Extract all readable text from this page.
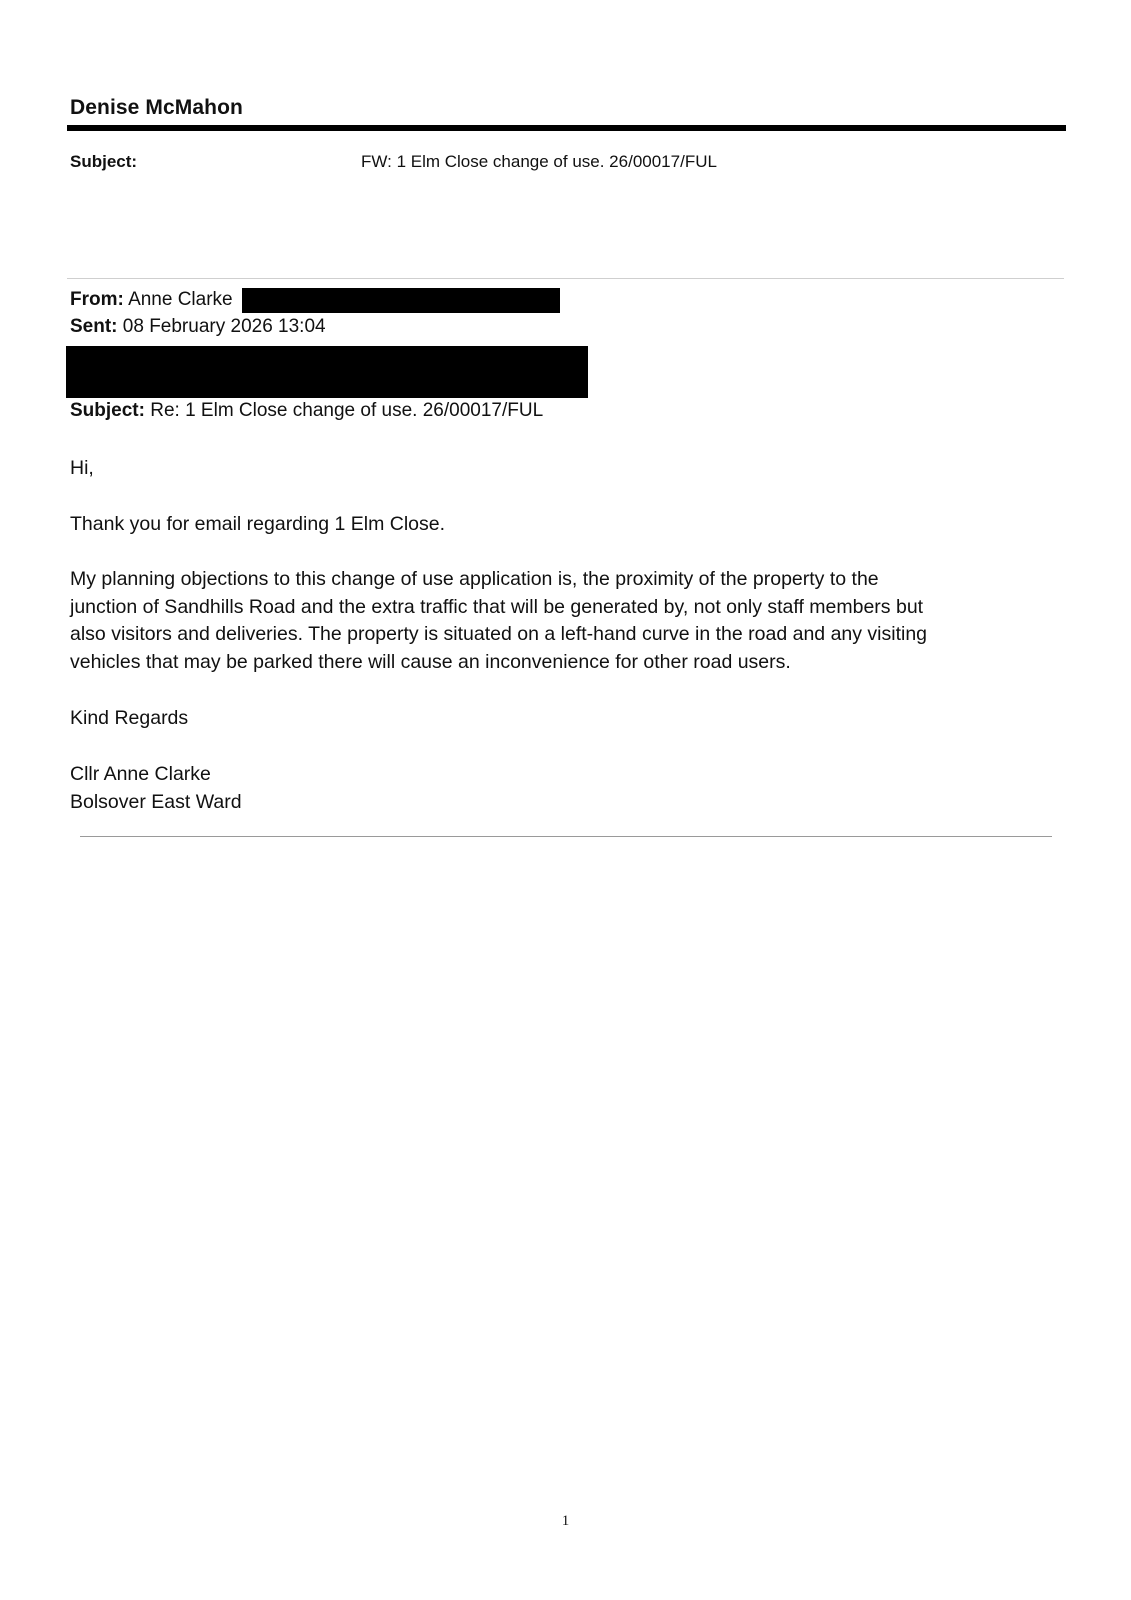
Denise McMahon
Subject:	FW: 1 Elm Close change of use. 26/00017/FUL
From: Anne Clarke
Sent: 08 February 2026 13:04
Subject: Re: 1 Elm Close change of use. 26/00017/FUL
Hi,
Thank you for email regarding 1 Elm Close.
My planning objections to this change of use application is, the proximity of the property to the
junction of Sandhills Road and the extra traffic that will be generated by, not only staff members but
also visitors and deliveries. The property is situated on a left-hand curve in the road and any visiting
vehicles that may be parked there will cause an inconvenience for other road users.
Kind Regards
Cllr Anne Clarke
Bolsover East Ward
1
